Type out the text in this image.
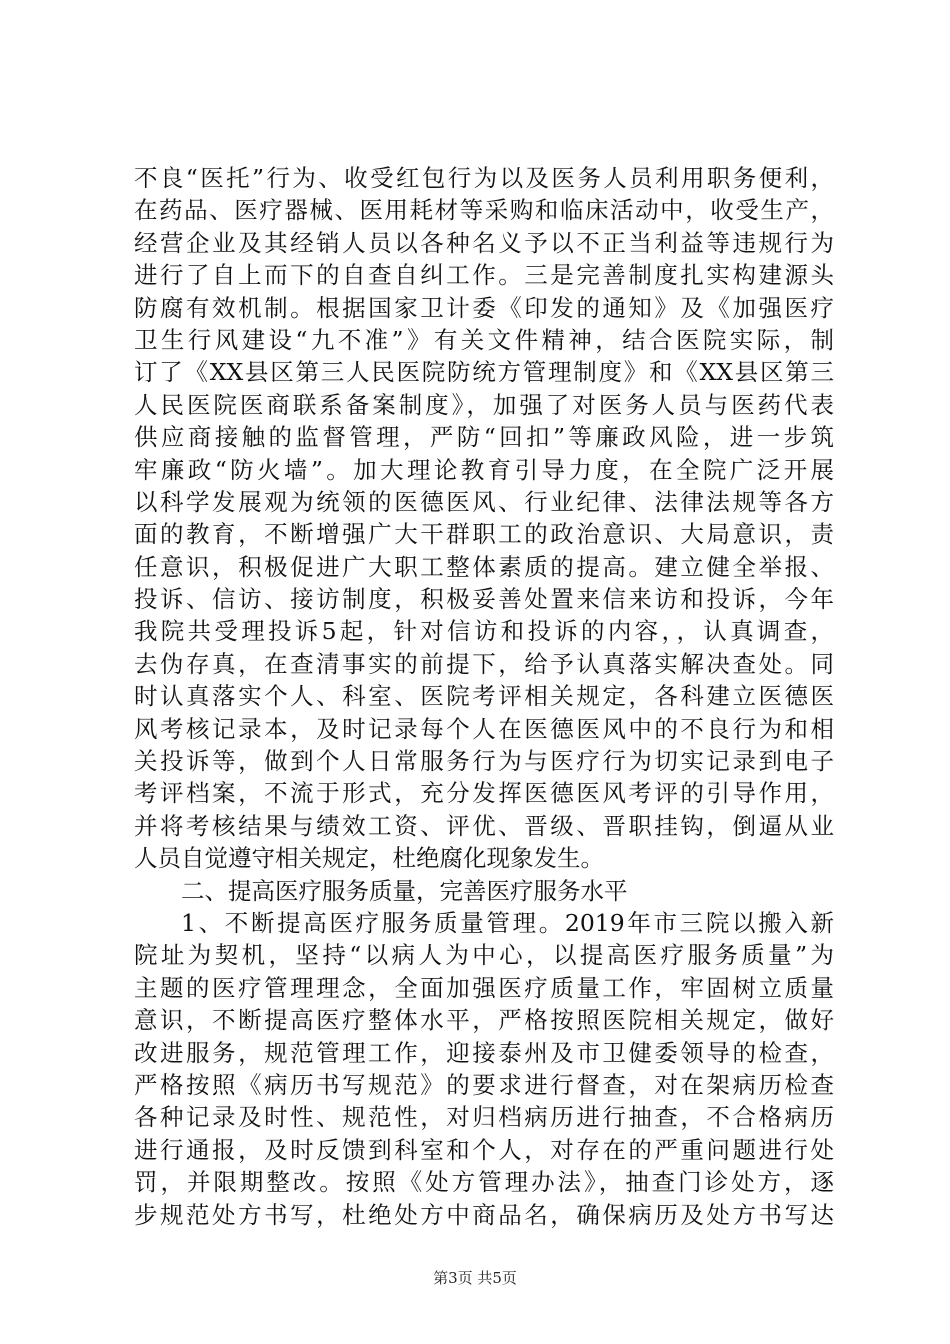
不良“医托”行为、收受红包行为以及医务人员利用职务便利，
在药品、医疗器械、医用耗材等采购和临床活动中，收受生产，
经营企业及其经销人员以各种名义予以不正当利益等违规行为
进行了自上而下的自查自纠工作。三是完善制度扎实构建源头
防腐有效机制。根据国家卫计委《印发的通知》及《加强医疗
卫生行风建设“九不准”》有关文件精神，结合医院实际，制
订了《XX县区第三人民医院防统方管理制度》和《XX县区第三
人民医院医商联系备案制度》，加强了对医务人员与医药代表
供应商接触的监督管理，严防“回扣”等廉政风险，进一步筑
牢廉政“防火墙”。加大理论教育引导力度，在全院广泛开展
以科学发展观为统领的医德医风、行业纪律、法律法规等各方
面的教育，不断增强广大干群职工的政治意识、大局意识，责
任意识，积极促进广大职工整体素质的提高。建立健全举报、
投诉、信访、接访制度，积极妥善处置来信来访和投诉，今年
我院共受理投诉5起，针对信访和投诉的内容，，认真调查，
去伪存真，在查清事实的前提下，给予认真落实解决查处。同
时认真落实个人、科室、医院考评相关规定，各科建立医德医
风考核记录本，及时记录每个人在医德医风中的不良行为和相
关投诉等，做到个人日常服务行为与医疗行为切实记录到电子
考评档案，不流于形式，充分发挥医德医风考评的引导作用，
并将考核结果与绩效工资、评优、晋级、晋职挂钩，倒逼从业
人员自觉遵守相关规定，杜绝腐化现象发生。
二、提高医疗服务质量，完善医疗服务水平
1、不断提高医疗服务质量管理。2019年市三院以搬入新
院址为契机，坚持“以病人为中心，以提高医疗服务质量”为
主题的医疗管理理念，全面加强医疗质量工作，牢固树立质量
意识，不断提高医疗整体水平，严格按照医院相关规定，做好
改进服务，规范管理工作，迎接泰州及市卫健委领导的检查，
严格按照《病历书写规范》的要求进行督查，对在架病历检查
各种记录及时性、规范性，对归档病历进行抽查，不合格病历
进行通报，及时反馈到科室和个人，对存在的严重问题进行处
罚，并限期整改。按照《处方管理办法》，抽查门诊处方，逐
步规范处方书写，杜绝处方中商品名，确保病历及处方书写达
第3页 共5页
